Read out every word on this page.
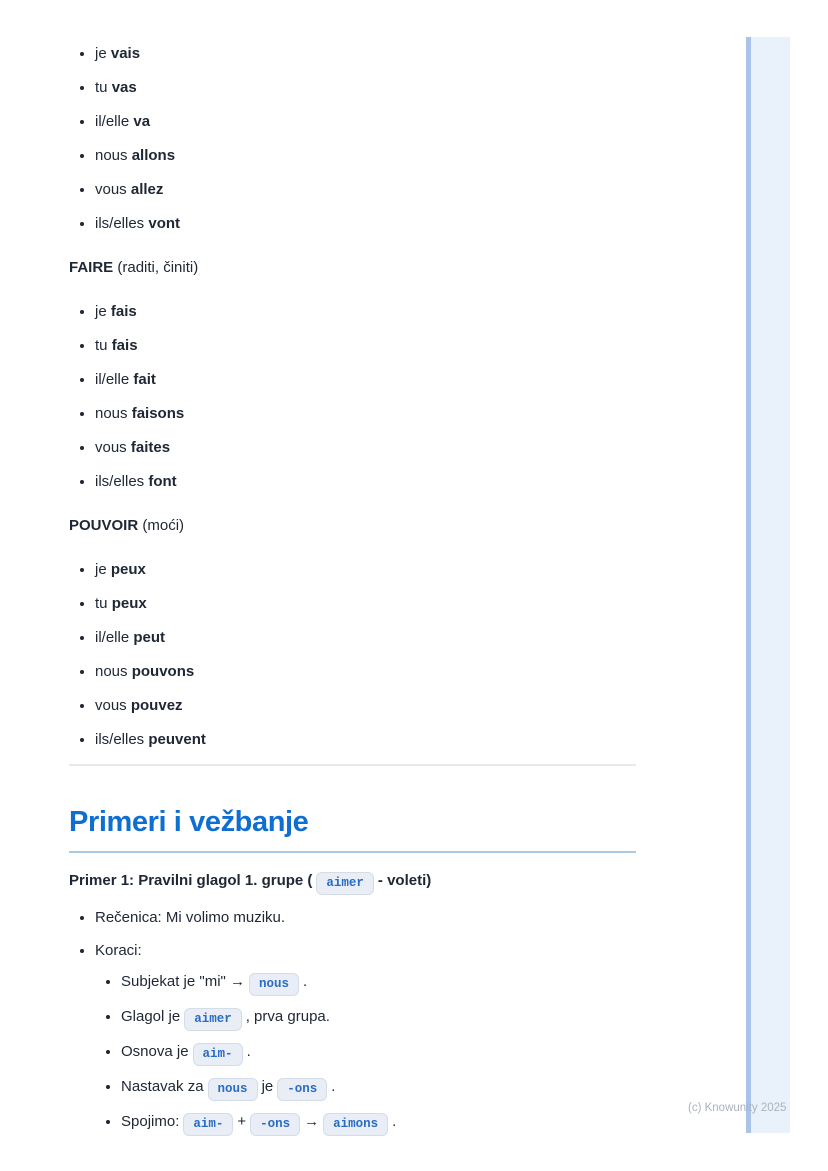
• je vais
• tu vas
• il/elle va
• nous allons
• vous allez
• ils/elles vont

FAIRE (raditi, činiti)

• je fais
• tu fais
• il/elle fait
• nous faisons
• vous faites
• ils/elles font

POUVOIR (moći)

• je peux
• tu peux
• il/elle peut
• nous pouvons
• vous pouvez
• ils/elles peuvent
Primeri i vežbanje

Primer 1: Pravilni glagol 1. grupe ( aimer - voleti)

• Rečenica: Mi volimo muziku.
• Koraci:
• Subjekat je "mi" → nous .
• Glagol je aimer , prva grupa.
• Osnova je aim- .
• Nastavak za nous je -ons .
• Spojimo: aim- + -ons → aimons .
(c) Knowunity 2025
